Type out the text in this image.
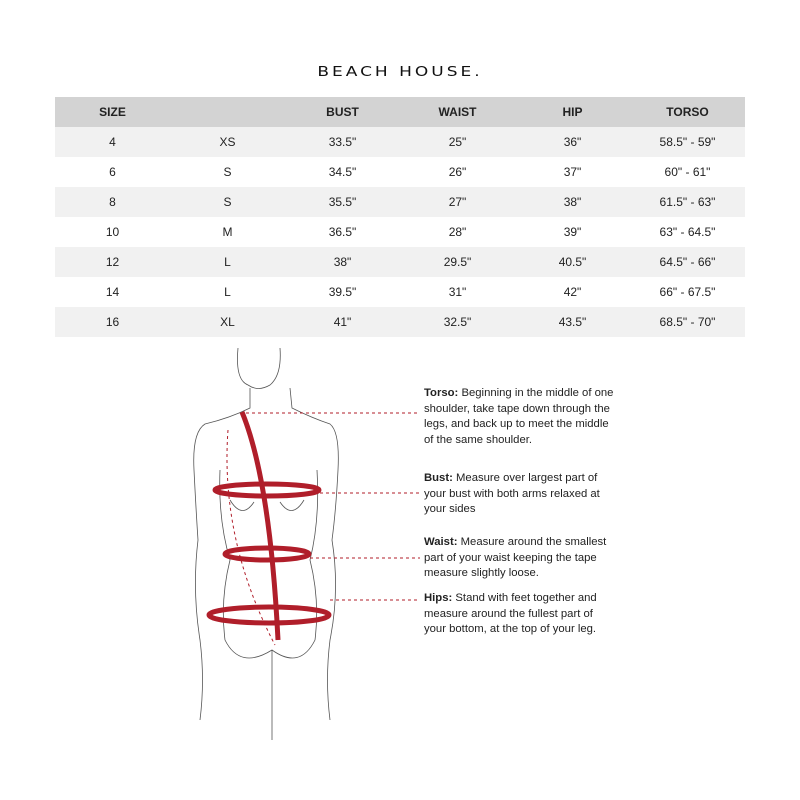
BEACH HOUSE.
SIZE		BUST	WAIST	HIP	TORSO
4	XS	33.5"	25"	36"	58.5" - 59"
6	S	34.5"	26"	37"	60" - 61"
8	S	35.5"	27"	38"	61.5" - 63"
10	M	36.5"	28"	39"	63" - 64.5"
12	L	38"	29.5"	40.5"	64.5" - 66"
14	L	39.5"	31"	42"	66" - 67.5"
16	XL	41"	32.5"	43.5"	68.5" - 70"
Torso: Beginning in the middle of one shoulder, take tape down through the legs, and back up to meet the middle of the same shoulder.
Bust: Measure over largest part of your bust with both arms relaxed at your sides
Waist: Measure around the smallest part of your waist keeping the tape measure slightly loose.
Hips: Stand with feet together and measure around the fullest part of your bottom, at the top of your leg.
